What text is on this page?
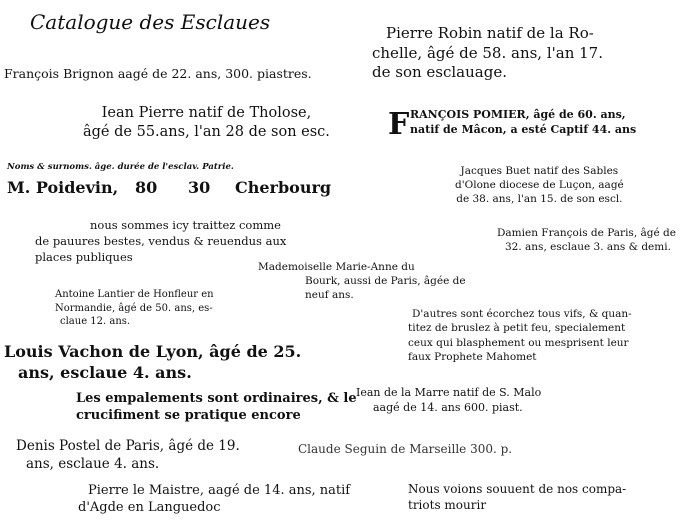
Catalogue des Esclaues
François Brignon aagé de 22. ans, 300. piastres.
Iean Pierre natif de Tholose,
âgé de 55.ans, l'an 28 de son esc.
Noms & surnoms. âge. durée de l'esclav. Patrie.
M. Poidevin, 80 30 Cherbourg
nous sommes icy traittez comme
de pauures bestes, vendus & reuendus aux
places publiques
Antoine Lantier de Honfleur en
Normandie, âgé de 50. ans, es-
claue 12. ans.
Louis Vachon de Lyon, âgé de 25.
ans, esclaue 4. ans.
Les empalements sont ordinaires, & le
crucifiment se pratique encore
Denis Postel de Paris, âgé de 19.
ans, esclaue 4. ans.
Pierre le Maistre, aagé de 14. ans, natif
d'Agde en Languedoc
Pierre Robin natif de la Ro-
chelle, âgé de 58. ans, l'an 17.
de son esclauage.
F RANÇOIS POMIER, âgé de 60. ans,
natif de Mâcon, a esté Captif 44. ans
Jacques Buet natif des Sables
d'Olone diocese de Luçon, aagé
de 38. ans, l'an 15. de son escl.
Damien François de Paris, âgé de
32. ans, esclaue 3. ans & demi.
Mademoiselle Marie-Anne du
Bourk, aussi de Paris, âgée de
neuf ans.
D'autres sont écorchez tous vifs, & quan-
titez de bruslez à petit feu, specialement
ceux qui blasphement ou mesprisent leur
faux Prophete Mahomet
Iean de la Marre natif de S. Malo
aagé de 14. ans 600. piast.
Claude Seguin de Marseille 300. p.
Nous voions souuent de nos compa-
triots mourir
